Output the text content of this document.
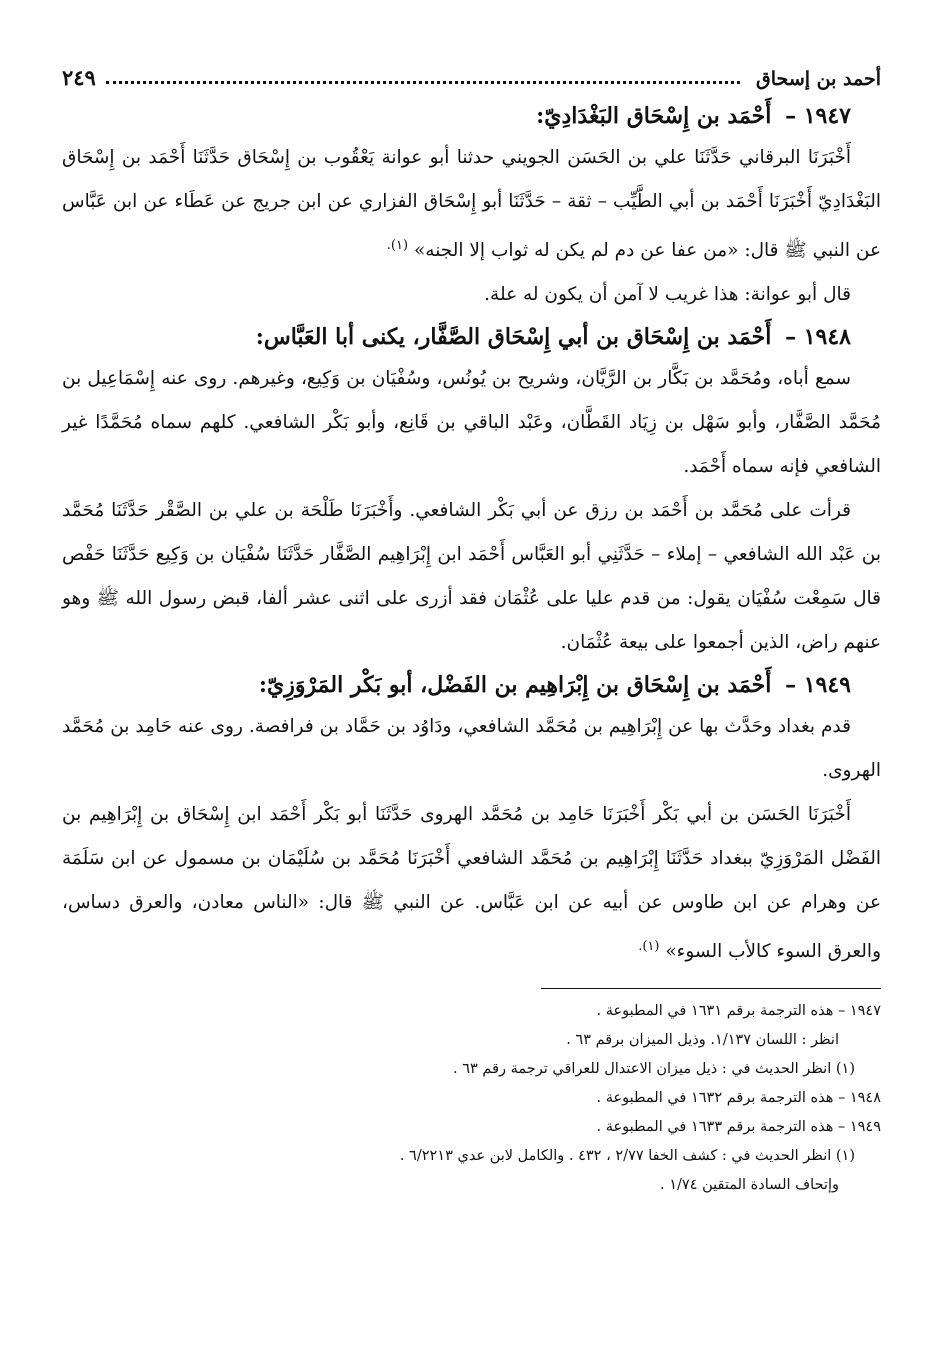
أحمد بن إسحاق
٢٤٩
١٩٤٧ – أَحْمَد بن إِسْحَاق البَغْدَادِيّ:

أَخْبَرَنَا البرقاني حَدَّثَنَا علي بن الحَسَن الجويني حدثنا أبو عوانة يَعْقُوب بن إِسْحَاق حَدَّثَنَا أَحْمَد بن إِسْحَاق البَغْدَادِيّ أَخْبَرَنَا أَحْمَد بن أبي الطَّيِّب – ثقة – حَدَّثَنَا أبو إِسْحَاق الفزاري عن ابن جريج عن عَطَاء عن ابن عَبَّاس عن النبي ﷺ قال: «من عفا عن دم لم يكن له ثواب إلا الجنه» $^{(١).}$

قال أبو عوانة: هذا غريب لا آمن أن يكون له علة.

١٩٤٨ – أَحْمَد بن إِسْحَاق بن أبي إِسْحَاق الصَّفَّار، يكنى أبا العَبَّاس:

سمع أباه، ومُحَمَّد بن بَكَّار بن الرَّيَّان، وشريح بن يُونُس، وسُفْيَان بن وَكِيع، وغيرهم. روى عنه إِسْمَاعِيل بن مُحَمَّد الصَّفَّار، وأبو سَهْل بن زِيَاد القَطَّان، وعَبْد الباقي بن قَانِع، وأبو بَكْر الشافعي. كلهم سماه مُحَمَّدًا غير الشافعي فإنه سماه أَحْمَد.

قرأت على مُحَمَّد بن أَحْمَد بن رزق عن أبي بَكْر الشافعي. وأَخْبَرَنَا طَلْحَة بن علي بن الصَّقْر حَدَّثَنَا مُحَمَّد بن عَبْد الله الشافعي – إملاء – حَدَّثَنِي أبو العَبَّاس أَحْمَد ابن إِبْرَاهِيم الصَّفَّار حَدَّثَنَا سُفْيَان بن وَكِيع حَدَّثَنَا حَفْص قال سَمِعْت سُفْيَان يقول: من قدم عليا على عُثْمَان فقد أزرى على اثنى عشر ألفا، قبض رسول الله ﷺ وهو عنهم راض، الذين أجمعوا على بيعة عُثْمَان.

١٩٤٩ – أَحْمَد بن إِسْحَاق بن إِبْرَاهِيم بن الفَضْل، أبو بَكْر المَرْوَزِيّ:

قدم بغداد وحَدَّث بها عن إِبْرَاهِيم بن مُحَمَّد الشافعي، ودَاوُد بن حَمَّاد بن فرافصة. روى عنه حَامِد بن مُحَمَّد الهروى.

أَخْبَرَنَا الحَسَن بن أبي بَكْر أَخْبَرَنَا حَامِد بن مُحَمَّد الهروى حَدَّثَنَا أبو بَكْر أَحْمَد ابن إِسْحَاق بن إِبْرَاهِيم بن الفَضْل المَرْوَزِيّ ببغداد حَدَّثَنَا إِبْرَاهِيم بن مُحَمَّد الشافعي أَخْبَرَنَا مُحَمَّد بن سُلَيْمَان بن مسمول عن ابن سَلَمَة عن وهرام عن ابن طاوس عن أبيه عن ابن عَبَّاس. عن النبي ﷺ قال: «الناس معادن، والعرق دساس، والعرق السوء كالأب السوء» $^{(١).}$

١٩٤٧ – هذه الترجمة برقم ١٦٣١ في المطبوعة .

انظر : اللسان ١/١٣٧. وذيل الميزان برقم ٦٣ .

(١) انظر الحديث في : ذيل ميزان الاعتدال للعراقي ترجمة رقم ٦٣ .

١٩٤٨ – هذه الترجمة برقم ١٦٣٢ في المطبوعة .

١٩٤٩ – هذه الترجمة برقم ١٦٣٣ في المطبوعة .

(١) انظر الحديث في : كشف الخفا ٢/٧٧ ، ٤٣٢ . والكامل لابن عدي ٦/٢٢١٣ .

وإتحاف السادة المتقين ١/٧٤ .
